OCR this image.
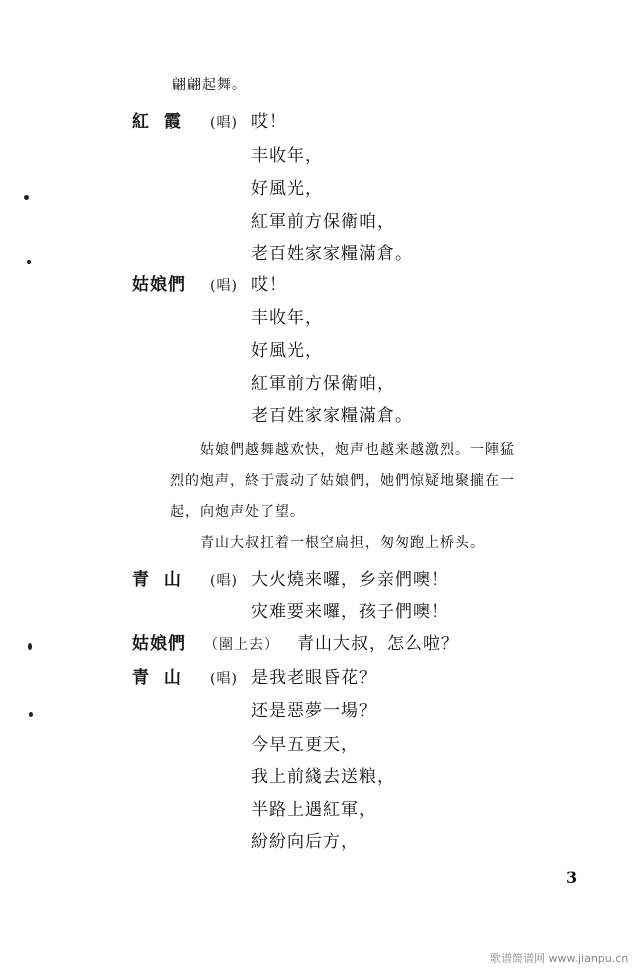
翩翩起舞。
紅  霞 (唱) 哎！
丰收年，
好風光，
紅軍前方保衛咱，
老百姓家家糧滿倉。
姑娘們 (唱) 哎！
丰收年，
好風光，
紅軍前方保衛咱，
老百姓家家糧滿倉。
姑娘們越舞越欢快，炮声也越来越激烈。一陣猛
烈的炮声，終于震动了姑娘們，她們惊疑地聚攏在一
起，向炮声处了望。
青山大叔扛着一根空扁担，匆匆跑上桥头。
青  山 (唱) 大火燒来囉，乡亲們噢！
灾难要来囉，孩子們噢！
姑娘們 （圍上去） 青山大叔，怎么啦？
青  山 (唱) 是我老眼昏花？
还是惡夢一場？
今早五更天，
我上前綫去送粮，
半路上遇紅軍，
紛紛向后方，
3
歌谱简谱网 www.jianpu.cn
